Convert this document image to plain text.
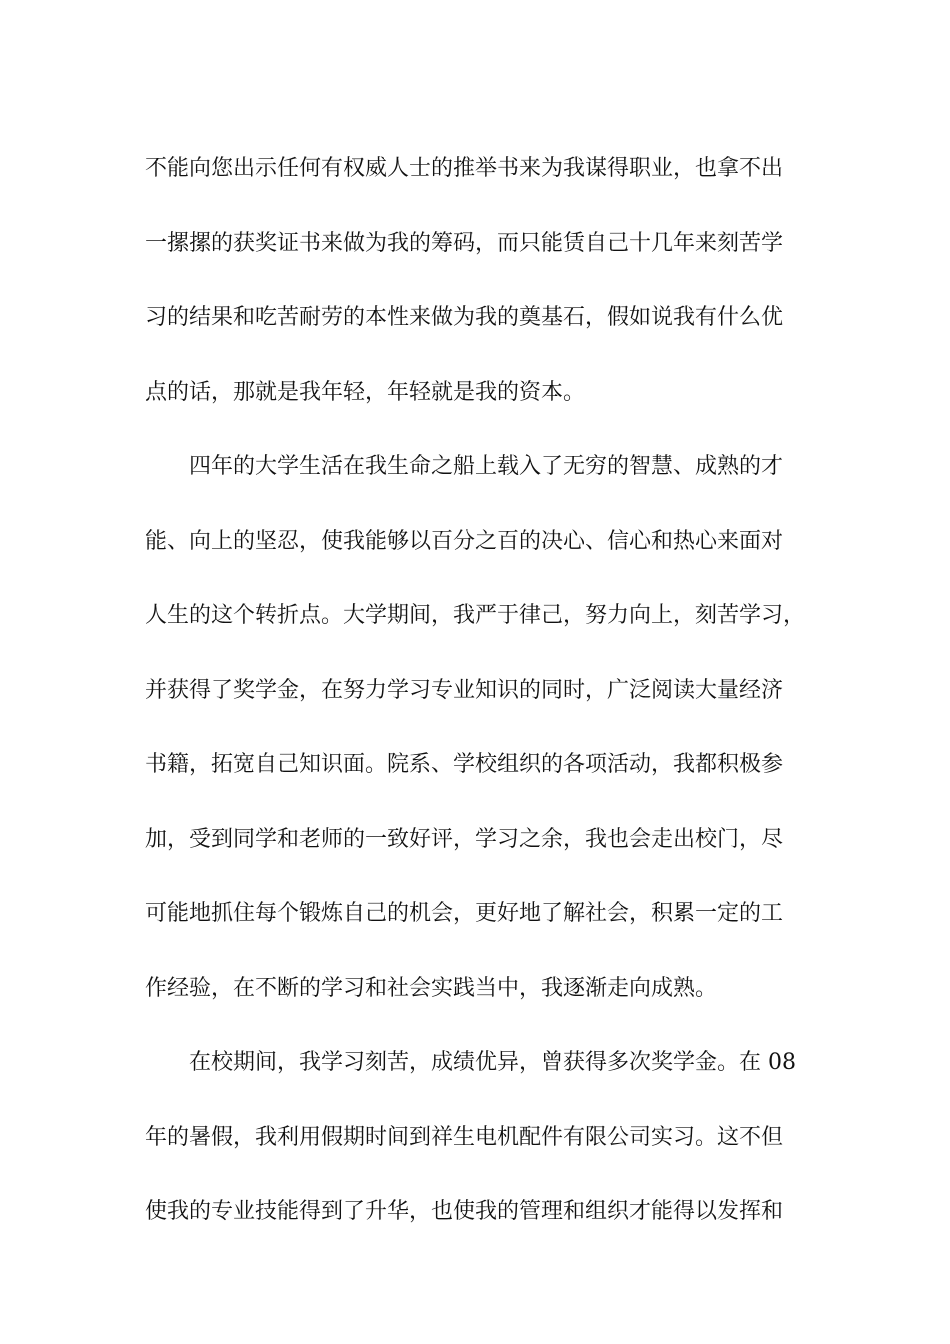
不能向您出示任何有权威人士的推举书来为我谋得职业，也拿不出
一摞摞的获奖证书来做为我的筹码，而只能赁自己十几年来刻苦学
习的结果和吃苦耐劳的本性来做为我的奠基石，假如说我有什么优
点的话，那就是我年轻，年轻就是我的资本。

四年的大学生活在我生命之船上载入了无穷的智慧、成熟的才
能、向上的坚忍，使我能够以百分之百的决心、信心和热心来面对
人生的这个转折点。大学期间，我严于律己，努力向上，刻苦学习，
并获得了奖学金，在努力学习专业知识的同时，广泛阅读大量经济
书籍，拓宽自己知识面。院系、学校组织的各项活动，我都积极参
加，受到同学和老师的一致好评，学习之余，我也会走出校门，尽
可能地抓住每个锻炼自己的机会，更好地了解社会，积累一定的工
作经验，在不断的学习和社会实践当中，我逐渐走向成熟。

在校期间，我学习刻苦，成绩优异，曾获得多次奖学金。在 08
年的暑假，我利用假期时间到祥生电机配件有限公司实习。这不但
使我的专业技能得到了升华，也使我的管理和组织才能得以发挥和
